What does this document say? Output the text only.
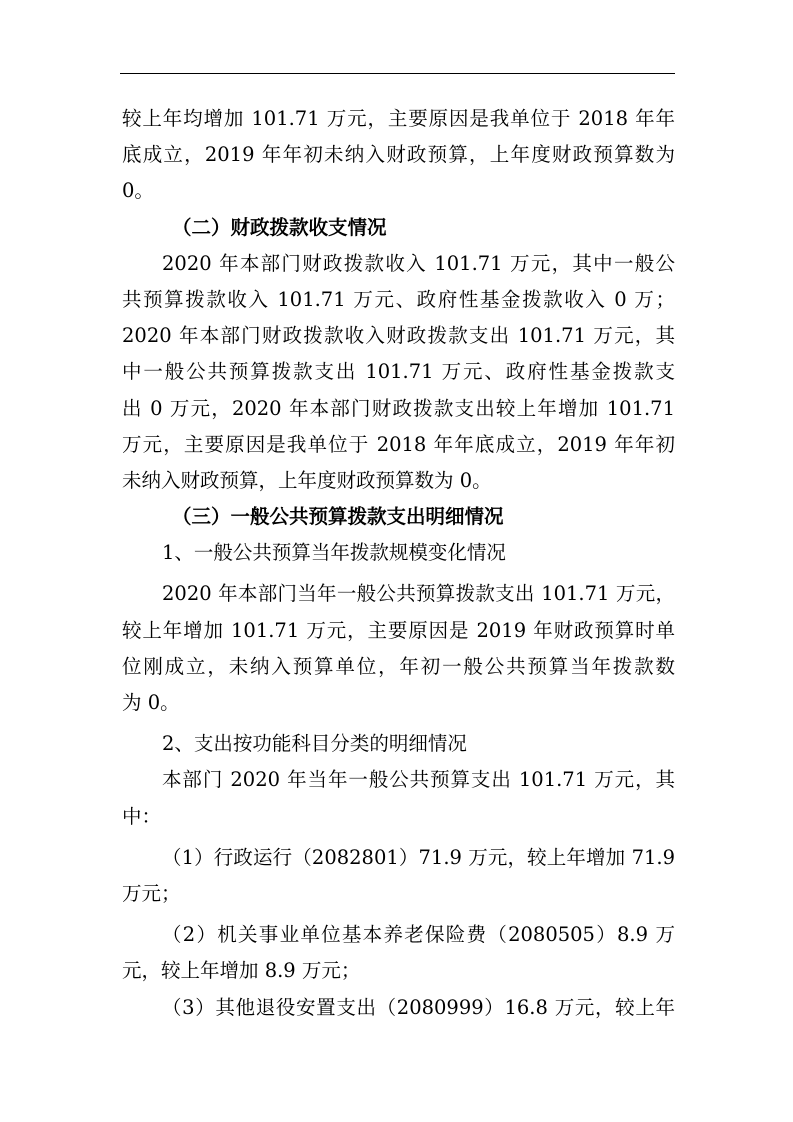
较上年均增加 101.71 万元，主要原因是我单位于 2018 年年
底成立，2019 年年初未纳入财政预算，上年度财政预算数为
0。
（二）财政拨款收支情况
2020 年本部门财政拨款收入 101.71 万元，其中一般公
共预算拨款收入 101.71 万元、政府性基金拨款收入 0 万；
2020 年本部门财政拨款收入财政拨款支出 101.71 万元，其
中一般公共预算拨款支出 101.71 万元、政府性基金拨款支
出 0 万元，2020 年本部门财政拨款支出较上年增加 101.71
万元，主要原因是我单位于 2018 年年底成立，2019 年年初
未纳入财政预算，上年度财政预算数为 0。
（三）一般公共预算拨款支出明细情况
1、一般公共预算当年拨款规模变化情况
2020 年本部门当年一般公共预算拨款支出 101.71 万元，
较上年增加 101.71 万元，主要原因是 2019 年财政预算时单
位刚成立，未纳入预算单位，年初一般公共预算当年拨款数
为 0。
2、支出按功能科目分类的明细情况
本部门 2020 年当年一般公共预算支出 101.71 万元，其
中：
（1）行政运行（2082801）71.9 万元，较上年增加 71.9
万元；
（2）机关事业单位基本养老保险费（2080505）8.9 万
元，较上年增加 8.9 万元；
（3）其他退役安置支出（2080999）16.8 万元，较上年
